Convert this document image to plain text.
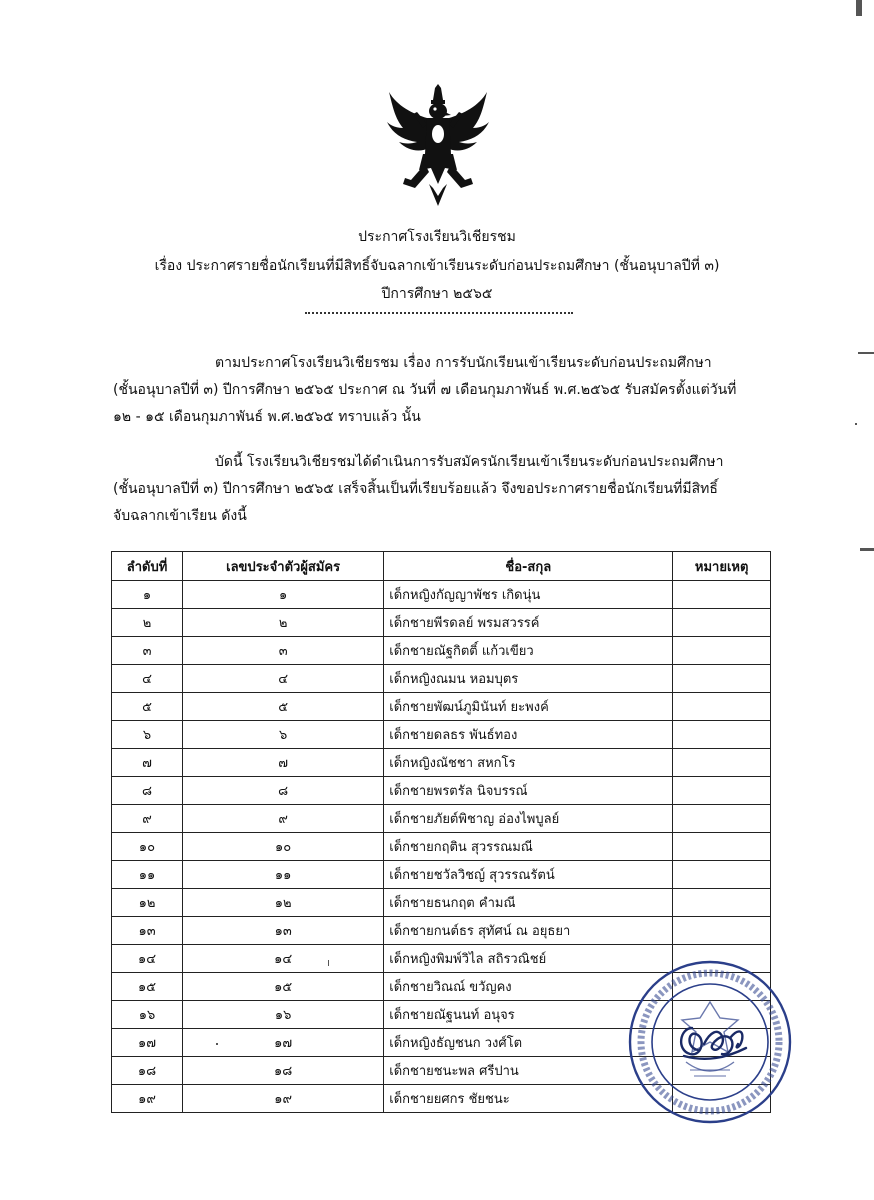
ประกาศโรงเรียนวิเชียรชม
เรื่อง ประกาศรายชื่อนักเรียนที่มีสิทธิ์จับฉลากเข้าเรียนระดับก่อนประถมศึกษา (ชั้นอนุบาลปีที่ ๓)
ปีการศึกษา ๒๕๖๕

ตามประกาศโรงเรียนวิเชียรชม เรื่อง การรับนักเรียนเข้าเรียนระดับก่อนประถมศึกษา

(ชั้นอนุบาลปีที่ ๓) ปีการศึกษา ๒๕๖๕ ประกาศ ณ วันที่ ๗ เดือนกุมภาพันธ์ พ.ศ.๒๕๖๕ รับสมัครตั้งแต่วันที่

๑๒ - ๑๕ เดือนกุมภาพันธ์ พ.ศ.๒๕๖๕ ทราบแล้ว นั้น

บัดนี้ โรงเรียนวิเชียรชมได้ดำเนินการรับสมัครนักเรียนเข้าเรียนระดับก่อนประถมศึกษา

(ชั้นอนุบาลปีที่ ๓) ปีการศึกษา ๒๕๖๕ เสร็จสิ้นเป็นที่เรียบร้อยแล้ว จึงขอประกาศรายชื่อนักเรียนที่มีสิทธิ์

จับฉลากเข้าเรียน ดังนี้

ลำดับที่	เลขประจำตัวผู้สมัคร	ชื่อ-สกุล	หมายเหตุ
๑	๑	เด็กหญิงกัญญาพัชร เกิดนุ่น	
๒	๒	เด็กชายพีรดลย์ พรมสวรรค์	
๓	๓	เด็กชายณัฐกิตติ์ แก้วเขียว	
๔	๔	เด็กหญิงณมน หอมบุตร	
๕	๕	เด็กชายพัฒน์ภูมินันท์ ยะพงค์	
๖	๖	เด็กชายดลธร พันธ์ทอง	
๗	๗	เด็กหญิงณัชชา สหกโร	
๘	๘	เด็กชายพรตรัล นิจบรรณ์	
๙	๙	เด็กชายภัยต์พิชาญ อ่องไพบูลย์	
๑๐	๑๐	เด็กชายกฤติน สุวรรณมณี	
๑๑	๑๑	เด็กชายชวัลวิชญ์ สุวรรณรัตน์	
๑๒	๑๒	เด็กชายธนกฤต คำมณี	
๑๓	๑๓	เด็กชายกนต์ธร สุทัศน์ ณ อยุธยา	
๑๔	๑๔	เด็กหญิงพิมพ์วิไล สถิรวณิชย์	
๑๕	๑๕	เด็กชายวิณณ์ ขวัญคง	
๑๖	๑๖	เด็กชายณัฐนนท์ อนุจร	
๑๗	๑๗	เด็กหญิงธัญชนก วงศ์โต	
๑๘	๑๘	เด็กชายชนะพล ศรีปาน	
๑๙	๑๙	เด็กชายยศกร ชัยชนะ	
